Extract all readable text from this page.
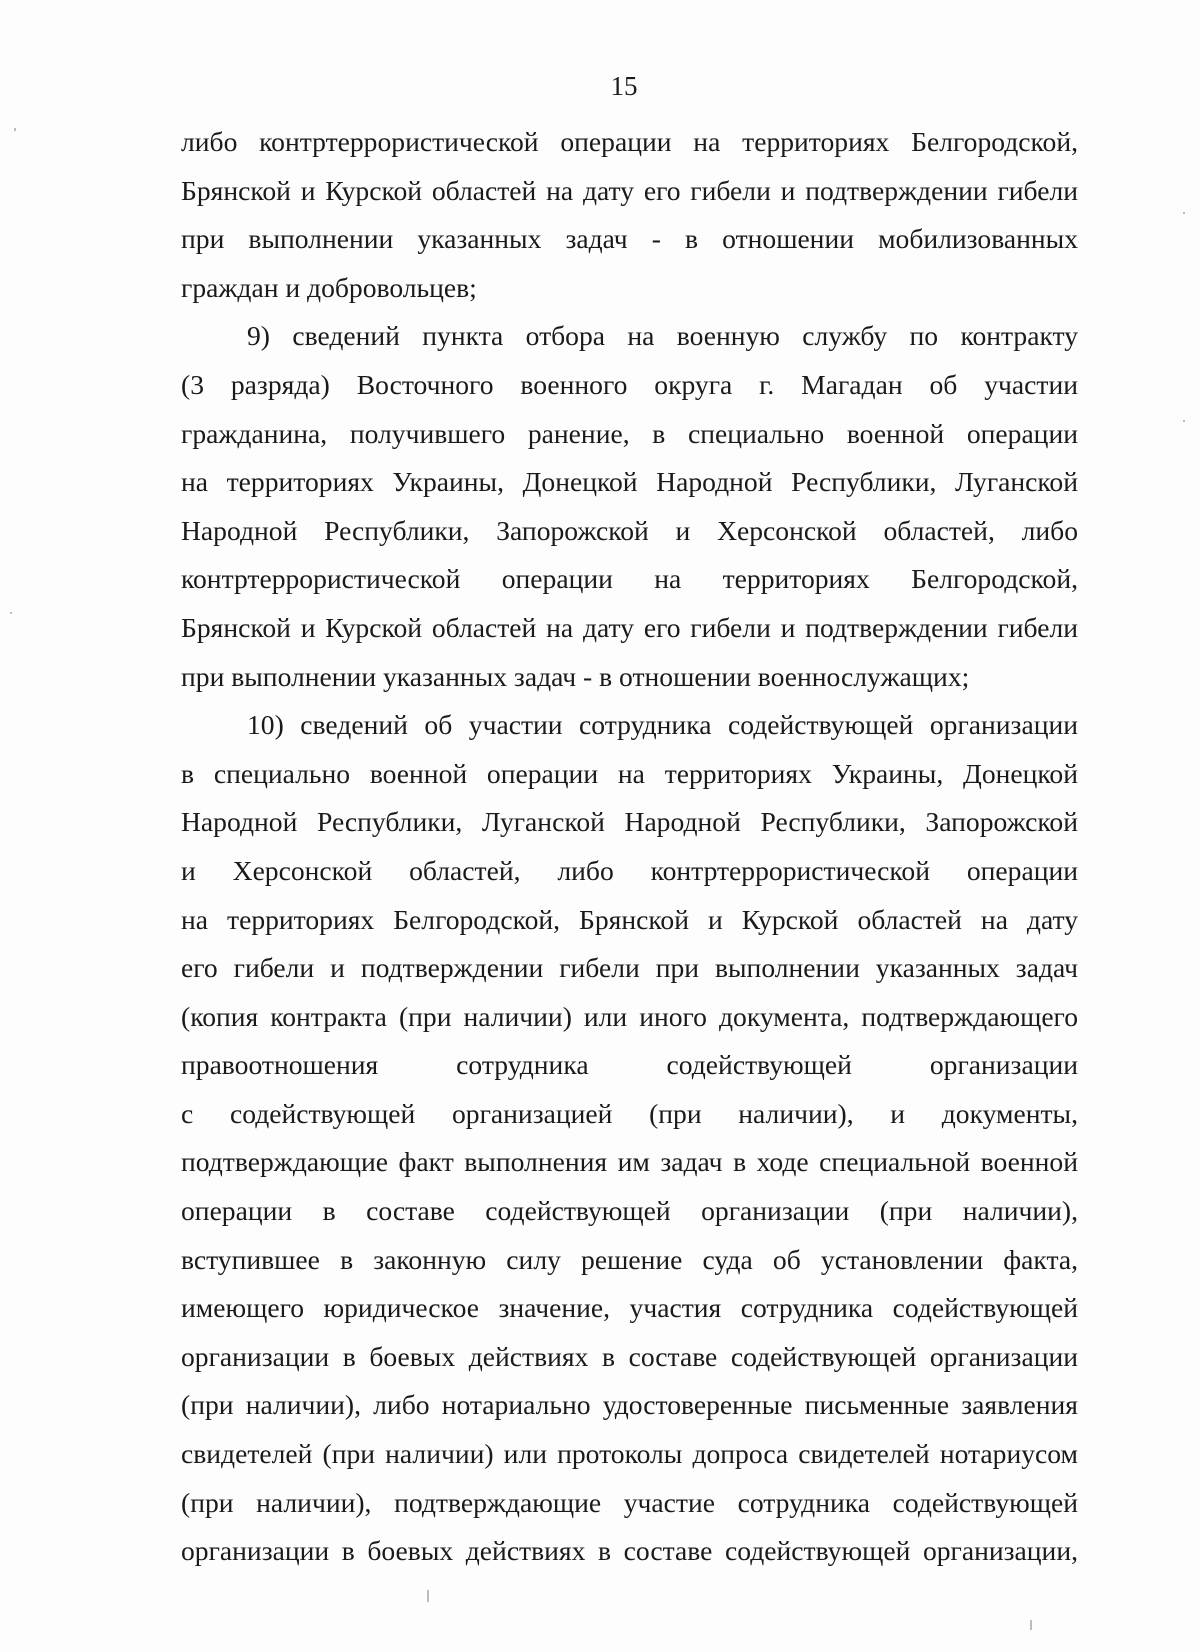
15
либо контртеррористической операции на территориях Белгородской,
Брянской и Курской областей на дату его гибели и подтверждении гибели
при выполнении указанных задач - в отношении мобилизованных
граждан и добровольцев;
9) сведений пункта отбора на военную службу по контракту
(3 разряда) Восточного военного округа г. Магадан об участии
гражданина, получившего ранение, в специально военной операции
на территориях Украины, Донецкой Народной Республики, Луганской
Народной Республики, Запорожской и Херсонской областей, либо
контртеррористической операции на территориях Белгородской,
Брянской и Курской областей на дату его гибели и подтверждении гибели
при выполнении указанных задач - в отношении военнослужащих;
10) сведений об участии сотрудника содействующей организации
в специально военной операции на территориях Украины, Донецкой
Народной Республики, Луганской Народной Республики, Запорожской
и Херсонской областей, либо контртеррористической операции
на территориях Белгородской, Брянской и Курской областей на дату
его гибели и подтверждении гибели при выполнении указанных задач
(копия контракта (при наличии) или иного документа, подтверждающего
правоотношения сотрудника содействующей организации
с содействующей организацией (при наличии), и документы,
подтверждающие факт выполнения им задач в ходе специальной военной
операции в составе содействующей организации (при наличии),
вступившее в законную силу решение суда об установлении факта,
имеющего юридическое значение, участия сотрудника содействующей
организации в боевых действиях в составе содействующей организации
(при наличии), либо нотариально удостоверенные письменные заявления
свидетелей (при наличии) или протоколы допроса свидетелей нотариусом
(при наличии), подтверждающие участие сотрудника содействующей
организации в боевых действиях в составе содействующей организации,
